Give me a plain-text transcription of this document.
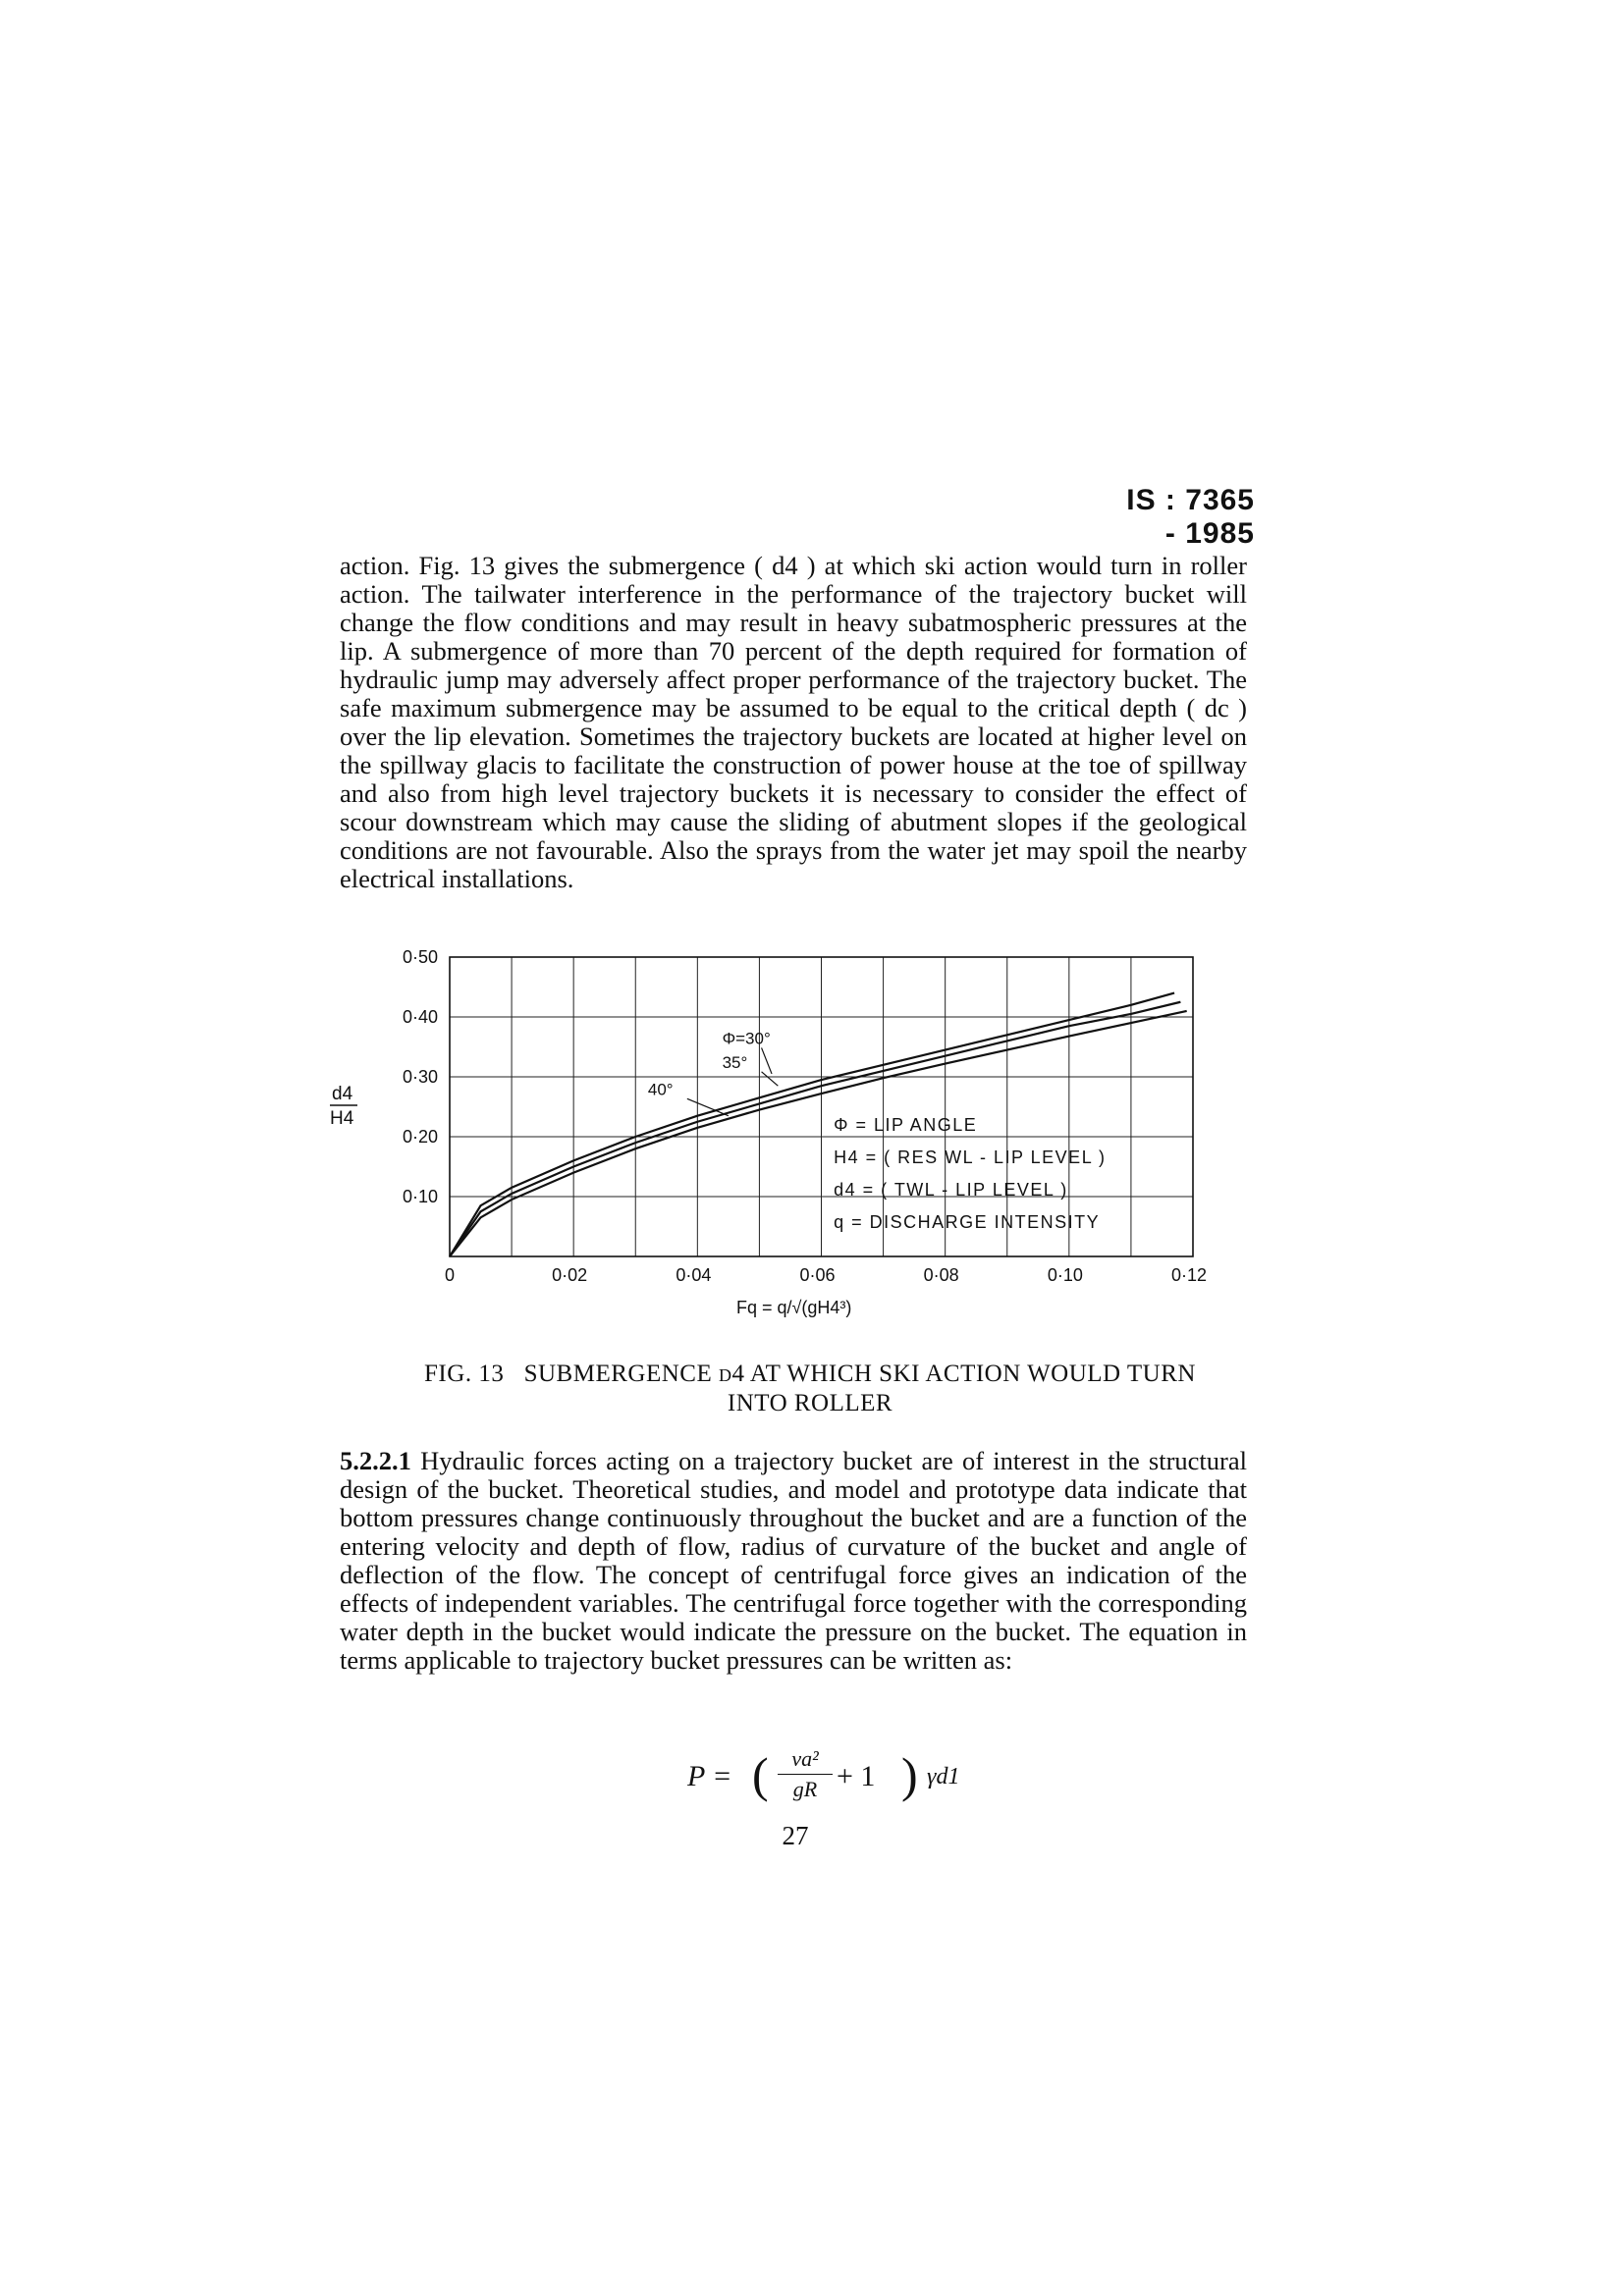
IS : 7365 - 1985

action. Fig. 13 gives the submergence ( d4 ) at which ski action would turn in roller action. The tailwater interference in the performance of the trajectory bucket will change the flow conditions and may result in heavy subatmospheric pressures at the lip. A submergence of more than 70 percent of the depth required for formation of hydraulic jump may adversely affect proper performance of the trajectory bucket. The safe maximum submergence may be assumed to be equal to the critical depth ( dc ) over the lip elevation. Sometimes the trajectory buckets are located at higher level on the spillway glacis to facilitate the construction of power house at the toe of spillway and also from high level trajectory buckets it is necessary to consider the effect of scour downstream which may cause the sliding of abutment slopes if the geological conditions are not favourable. Also the sprays from the water jet may spoil the nearby electrical installations.

0·10
0·20
0·30
0·40
0·50
0	0·02	0·04	0·06	0·08	0·10	0·12
Fq = q/√(gH4³)
Φ = LIP ANGLE
H4 = ( RES WL - LIP LEVEL )
d4 = ( TWL - LIP LEVEL )
q = DISCHARGE INTENSITY
Φ=30°
35°
40°
d4
H4
FIG. 13 SUBMERGENCE d4 AT WHICH SKI ACTION WOULD TURN INTO ROLLER

5.2.2.1 Hydraulic forces acting on a trajectory bucket are of interest in the structural design of the bucket. Theoretical studies, and model and prototype data indicate that bottom pressures change continuously throughout the bucket and are a function of the entering velocity and depth of flow, radius of curvature of the bucket and angle of deflection of the flow. The concept of centrifugal force gives an indication of the effects of independent variables. The centrifugal force together with the corresponding water depth in the bucket would indicate the pressure on the bucket. The equation in terms applicable to trajectory bucket pressures can be written as:

P = (	va²
gR + 1 ) γd1
27
